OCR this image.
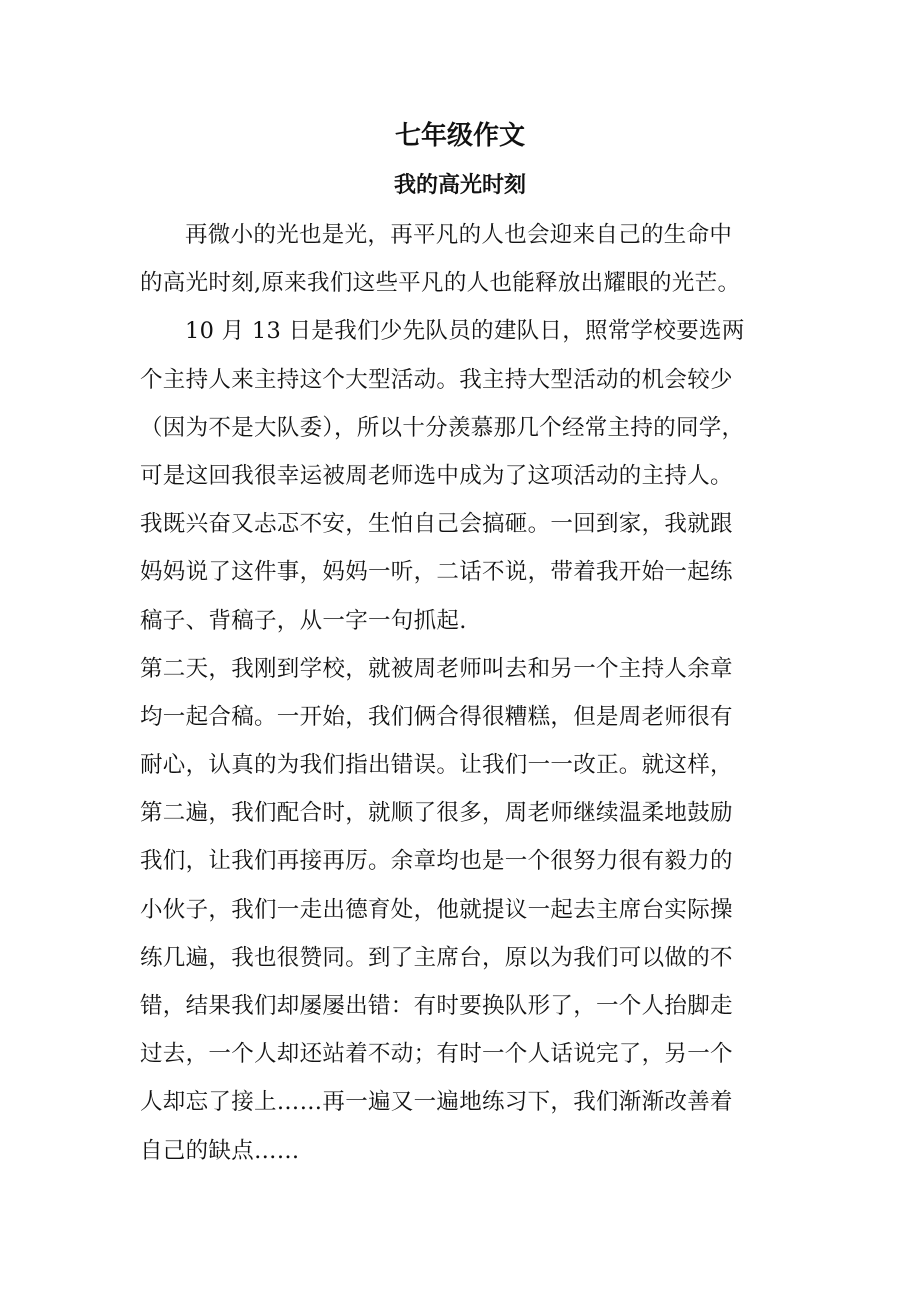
七年级作文
我的高光时刻
再微小的光也是光，再平凡的人也会迎来自己的生命中
的高光时刻,原来我们这些平凡的人也能释放出耀眼的光芒。
10 月 13 日是我们少先队员的建队日，照常学校要选两
个主持人来主持这个大型活动。我主持大型活动的机会较少
（因为不是大队委），所以十分羡慕那几个经常主持的同学，
可是这回我很幸运被周老师选中成为了这项活动的主持人。
我既兴奋又忐忑不安，生怕自己会搞砸。一回到家，我就跟
妈妈说了这件事，妈妈一听，二话不说，带着我开始一起练
稿子、背稿子，从一字一句抓起.
第二天，我刚到学校，就被周老师叫去和另一个主持人余章
均一起合稿。一开始，我们俩合得很糟糕，但是周老师很有
耐心，认真的为我们指出错误。让我们一一改正。就这样，
第二遍，我们配合时，就顺了很多，周老师继续温柔地鼓励
我们，让我们再接再厉。余章均也是一个很努力很有毅力的
小伙子，我们一走出德育处，他就提议一起去主席台实际操
练几遍，我也很赞同。到了主席台，原以为我们可以做的不
错，结果我们却屡屡出错：有时要换队形了，一个人抬脚走
过去，一个人却还站着不动；有时一个人话说完了，另一个
人却忘了接上……再一遍又一遍地练习下，我们渐渐改善着
自己的缺点……
